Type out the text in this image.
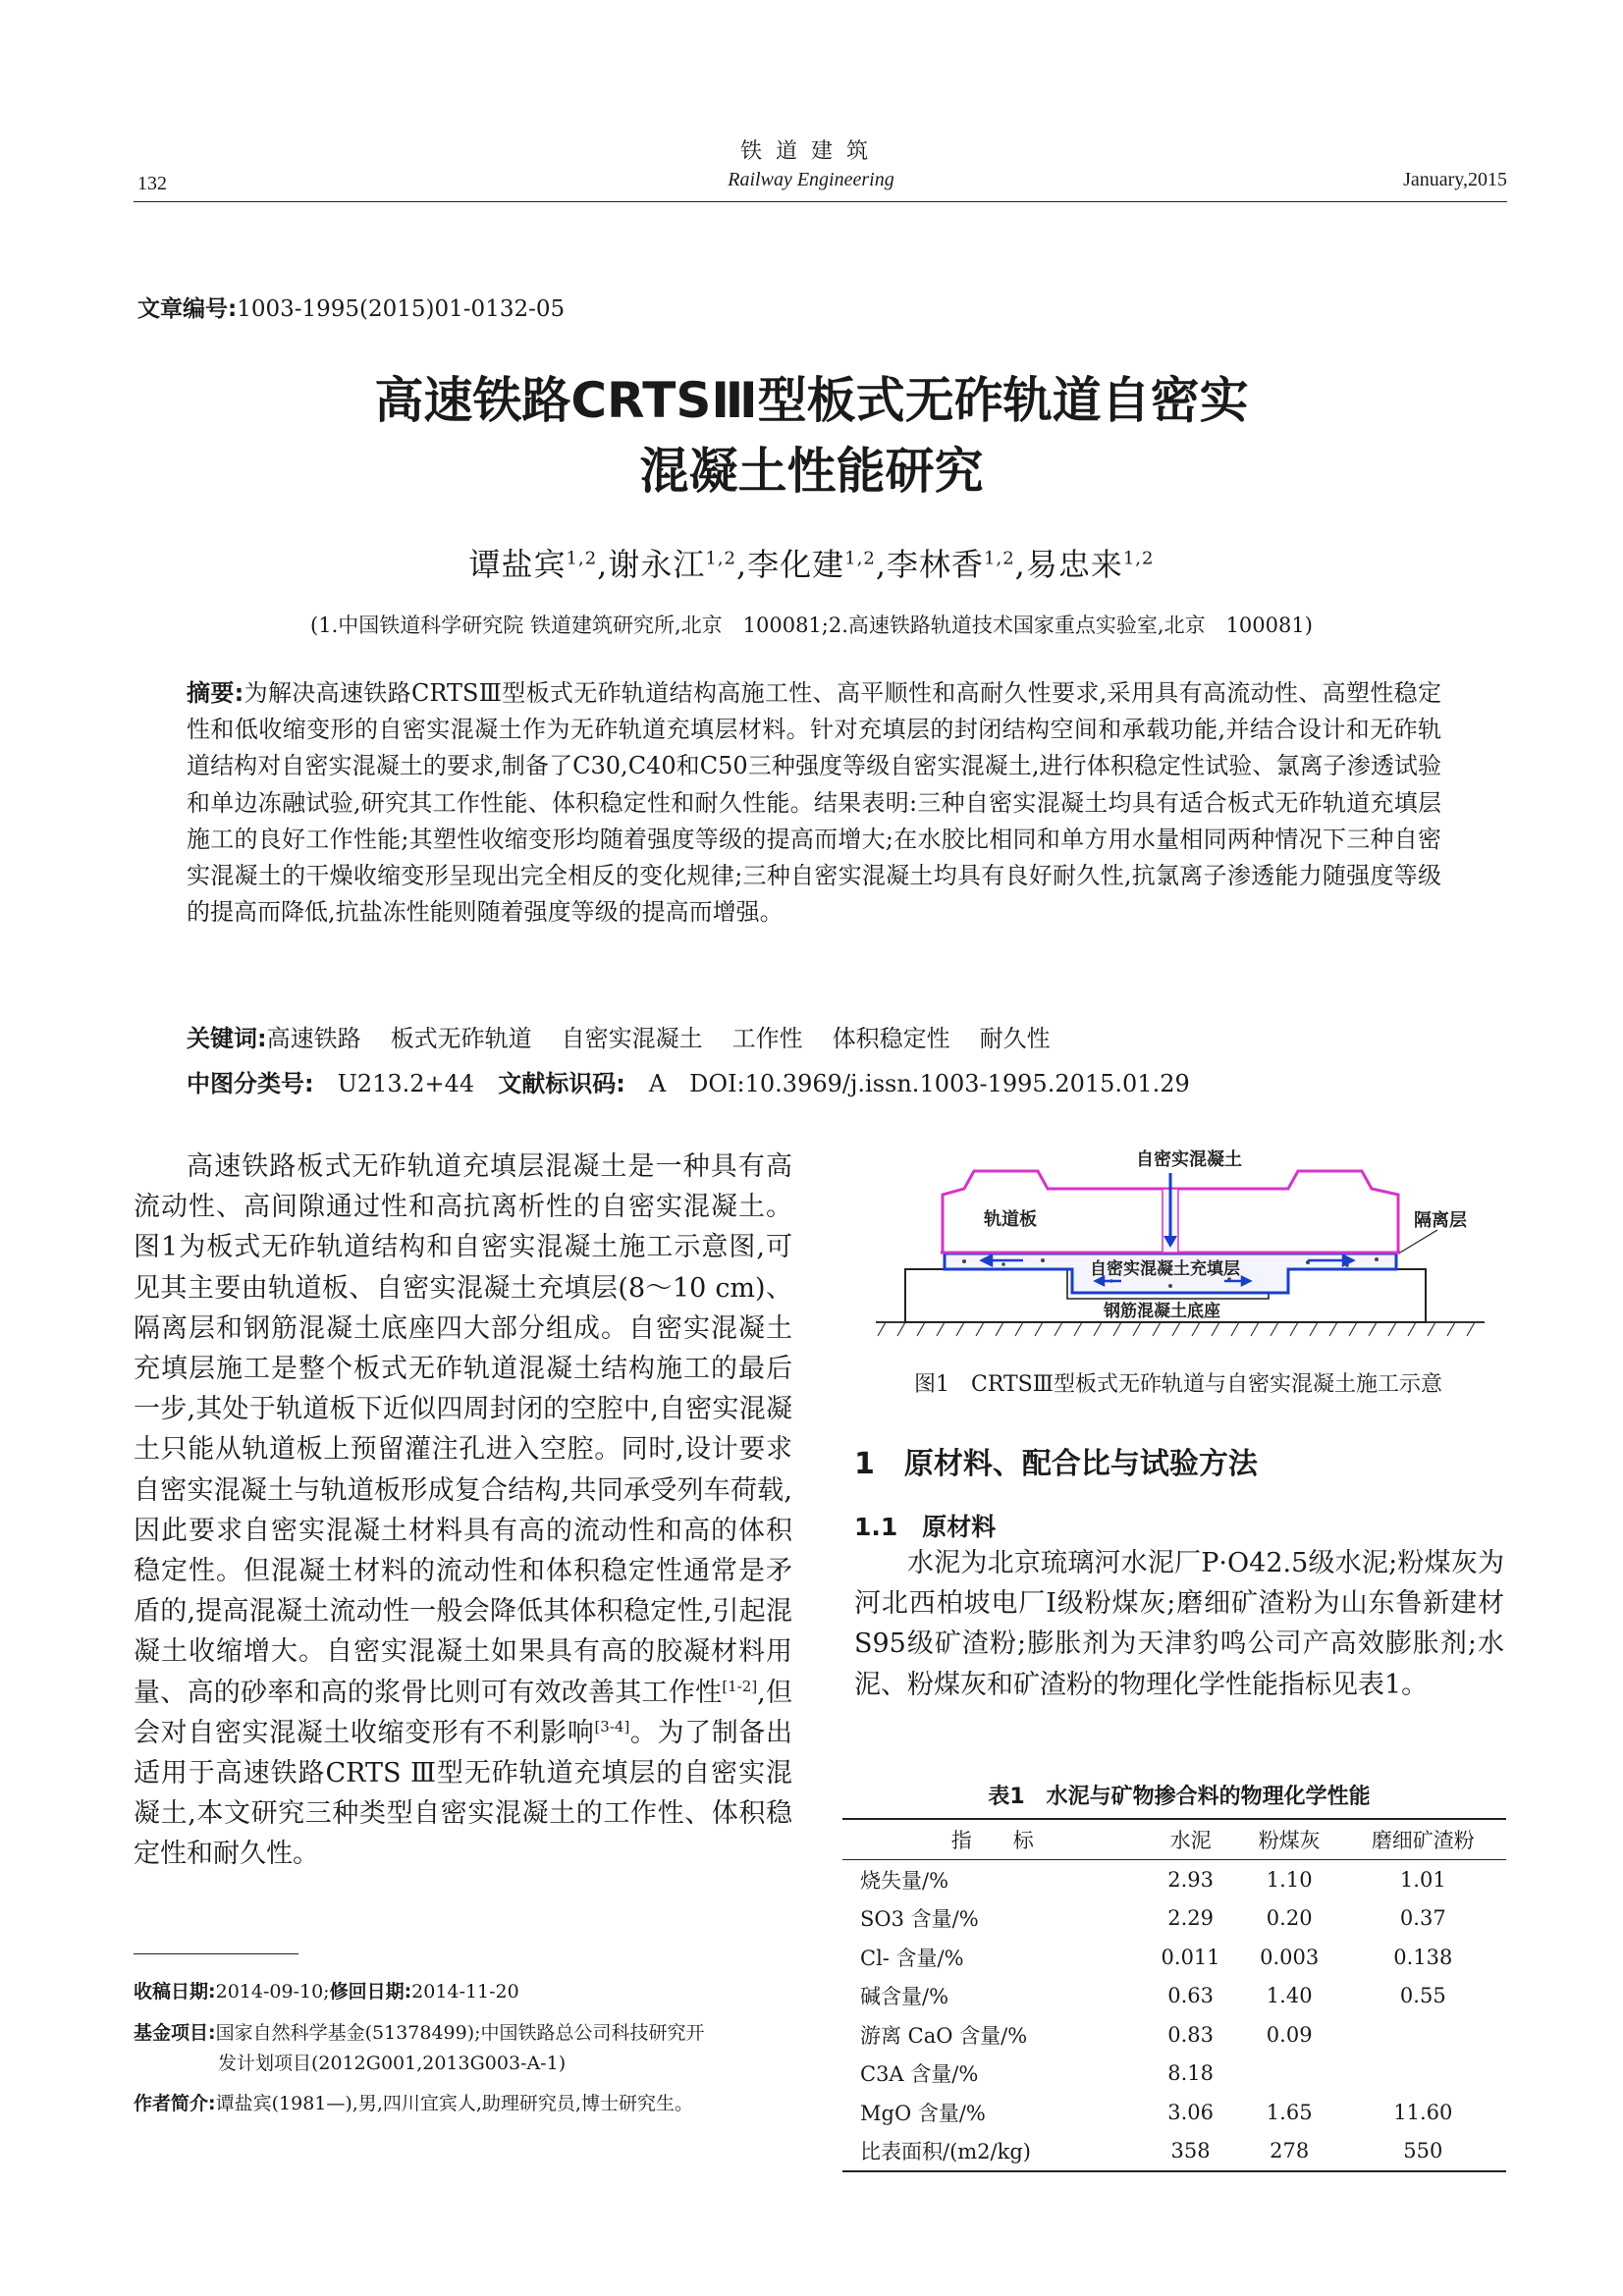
铁道建筑
Railway Engineering
132	January,2015
文章编号:1003-1995(2015)01-0132-05
高速铁路CRTSⅢ型板式无砟轨道自密实
混凝土性能研究
谭盐宾$^{1,2}$,谢永江$^{1,2}$,李化建$^{1,2}$,李林香$^{1,2}$,易忠来$^{1,2}$
(1.中国铁道科学研究院 铁道建筑研究所,北京　100081;2.高速铁路轨道技术国家重点实验室,北京　100081)
摘要:为解决高速铁路CRTSⅢ型板式无砟轨道结构高施工性、高平顺性和高耐久性要求,采用具有高流动性、高塑性稳定性和低收缩变形的自密实混凝土作为无砟轨道充填层材料。针对充填层的封闭结构空间和承载功能,并结合设计和无砟轨道结构对自密实混凝土的要求,制备了C30,C40和C50三种强度等级自密实混凝土,进行体积稳定性试验、氯离子渗透试验和单边冻融试验,研究其工作性能、体积稳定性和耐久性能。结果表明:三种自密实混凝土均具有适合板式无砟轨道充填层施工的良好工作性能;其塑性收缩变形均随着强度等级的提高而增大;在水胶比相同和单方用水量相同两种情况下三种自密实混凝土的干燥收缩变形呈现出完全相反的变化规律;三种自密实混凝土均具有良好耐久性,抗氯离子渗透能力随强度等级的提高而降低,抗盐冻性能则随着强度等级的提高而增强。
关键词:高速铁路 板式无砟轨道 自密实混凝土 工作性 体积稳定性 耐久性
中图分类号: U213.2+44 文献标识码: A DOI:10.3969/j.issn.1003-1995.2015.01.29
高速铁路板式无砟轨道充填层混凝土是一种具有高流动性、高间隙通过性和高抗离析性的自密实混凝土。图1为板式无砟轨道结构和自密实混凝土施工示意图,可见其主要由轨道板、自密实混凝土充填层(8～10 cm)、隔离层和钢筋混凝土底座四大部分组成。自密实混凝土充填层施工是整个板式无砟轨道混凝土结构施工的最后一步,其处于轨道板下近似四周封闭的空腔中,自密实混凝土只能从轨道板上预留灌注孔进入空腔。同时,设计要求自密实混凝土与轨道板形成复合结构,共同承受列车荷载,因此要求自密实混凝土材料具有高的流动性和高的体积稳定性。但混凝土材料的流动性和体积稳定性通常是矛盾的,提高混凝土流动性一般会降低其体积稳定性,引起混凝土收缩增大。自密实混凝土如果具有高的胶凝材料用量、高的砂率和高的浆骨比则可有效改善其工作性[1-2],但会对自密实混凝土收缩变形有不利影响[3-4]。为了制备出适用于高速铁路CRTS Ⅲ型无砟轨道充填层的自密实混凝土,本文研究三种类型自密实混凝土的工作性、体积稳定性和耐久性。
自密实混凝土
轨道板	隔离层
自密实混凝土充填层
钢筋混凝土底座
图1　CRTSⅢ型板式无砟轨道与自密实混凝土施工示意
1　原材料、配合比与试验方法
1.1　原材料
水泥为北京琉璃河水泥厂P·O42.5级水泥;粉煤灰为河北西柏坡电厂Ⅰ级粉煤灰;磨细矿渣粉为山东鲁新建材S95级矿渣粉;膨胀剂为天津豹鸣公司产高效膨胀剂;水泥、粉煤灰和矿渣粉的物理化学性能指标见表1。
表1　水泥与矿物掺合料的物理化学性能
指　　标	水泥	粉煤灰	磨细矿渣粉
烧失量/%	2.93	1.10	1.01
SO3 含量/%	2.29	0.20	0.37
Cl- 含量/%	0.011	0.003	0.138
碱含量/%	0.63	1.40	0.55
游离 CaO 含量/%	0.83	0.09	
C3A 含量/%	8.18		
MgO 含量/%	3.06	1.65	11.60
比表面积/(m2/kg)	358	278	550
收稿日期:2014-09-10;修回日期:2014-11-20
基金项目:国家自然科学基金(51378499);中国铁路总公司科技研究开
发计划项目(2012G001,2013G003-A-1)
作者简介:谭盐宾(1981—),男,四川宜宾人,助理研究员,博士研究生。
